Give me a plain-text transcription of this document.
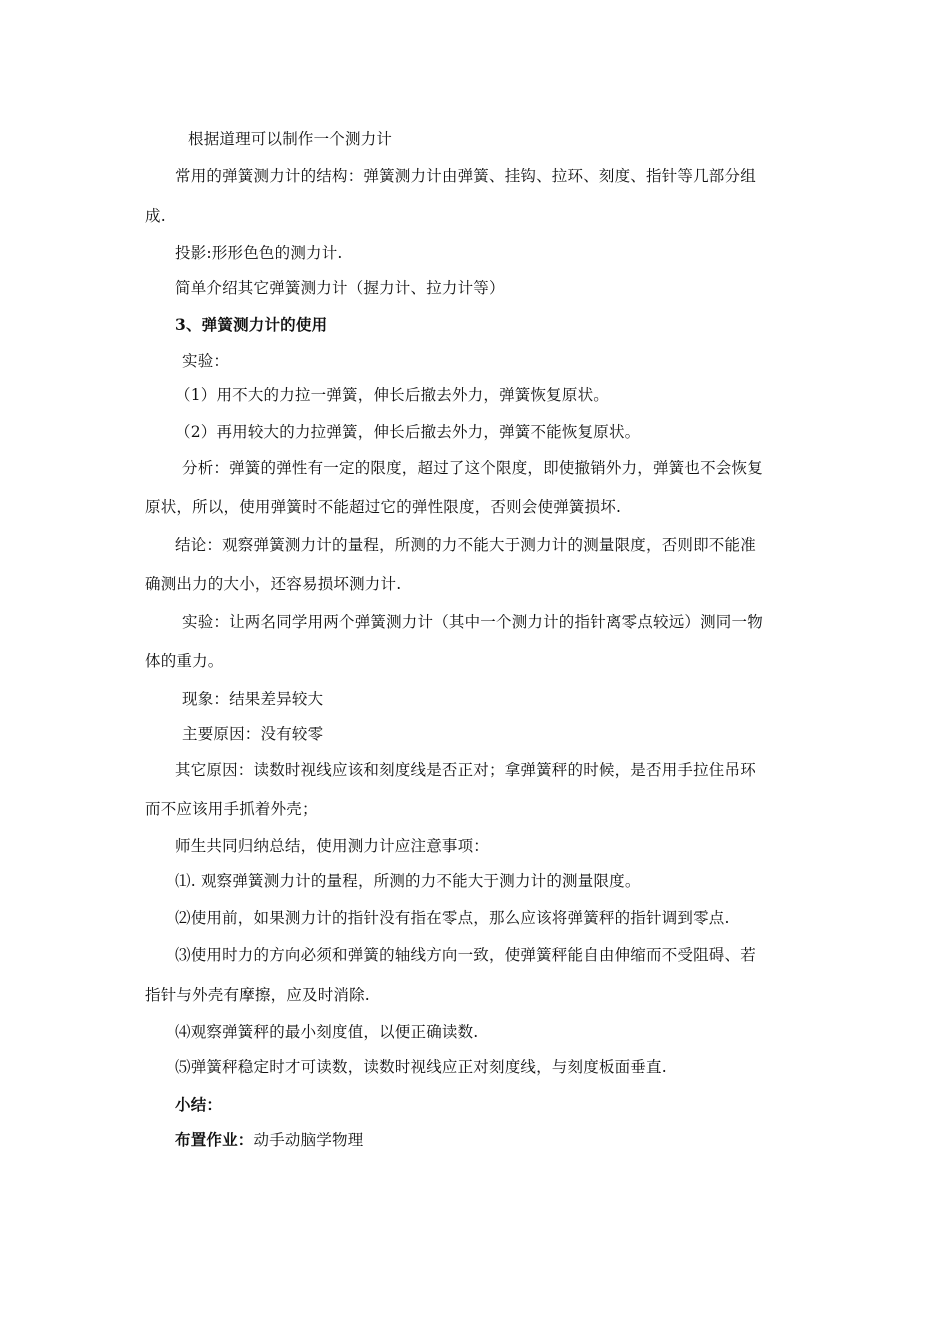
根据道理可以制作一个测力计
常用的弹簧测力计的结构：弹簧测力计由弹簧、挂钩、拉环、刻度、指针等几部分组
成.
投影:形形色色的测力计.
简单介绍其它弹簧测力计（握力计、拉力计等）
3、弹簧测力计的使用
实验：
（1）用不大的力拉一弹簧，伸长后撤去外力，弹簧恢复原状。
（2）再用较大的力拉弹簧，伸长后撤去外力，弹簧不能恢复原状。
分析：弹簧的弹性有一定的限度，超过了这个限度，即使撤销外力，弹簧也不会恢复
原状，所以，使用弹簧时不能超过它的弹性限度，否则会使弹簧损坏.
结论：观察弹簧测力计的量程，所测的力不能大于测力计的测量限度，否则即不能准
确测出力的大小，还容易损坏测力计.
实验：让两名同学用两个弹簧测力计（其中一个测力计的指针离零点较远）测同一物
体的重力。
现象：结果差异较大
主要原因：没有较零
其它原因：读数时视线应该和刻度线是否正对；拿弹簧秤的时候，是否用手拉住吊环
而不应该用手抓着外壳；
师生共同归纳总结，使用测力计应注意事项：
⑴. 观察弹簧测力计的量程，所测的力不能大于测力计的测量限度。
⑵使用前，如果测力计的指针没有指在零点，那么应该将弹簧秤的指针调到零点.
⑶使用时力的方向必须和弹簧的轴线方向一致，使弹簧秤能自由伸缩而不受阻碍、若
指针与外壳有摩擦，应及时消除.
⑷观察弹簧秤的最小刻度值，以便正确读数.
⑸弹簧秤稳定时才可读数，读数时视线应正对刻度线，与刻度板面垂直.
小结：
布置作业：动手动脑学物理
